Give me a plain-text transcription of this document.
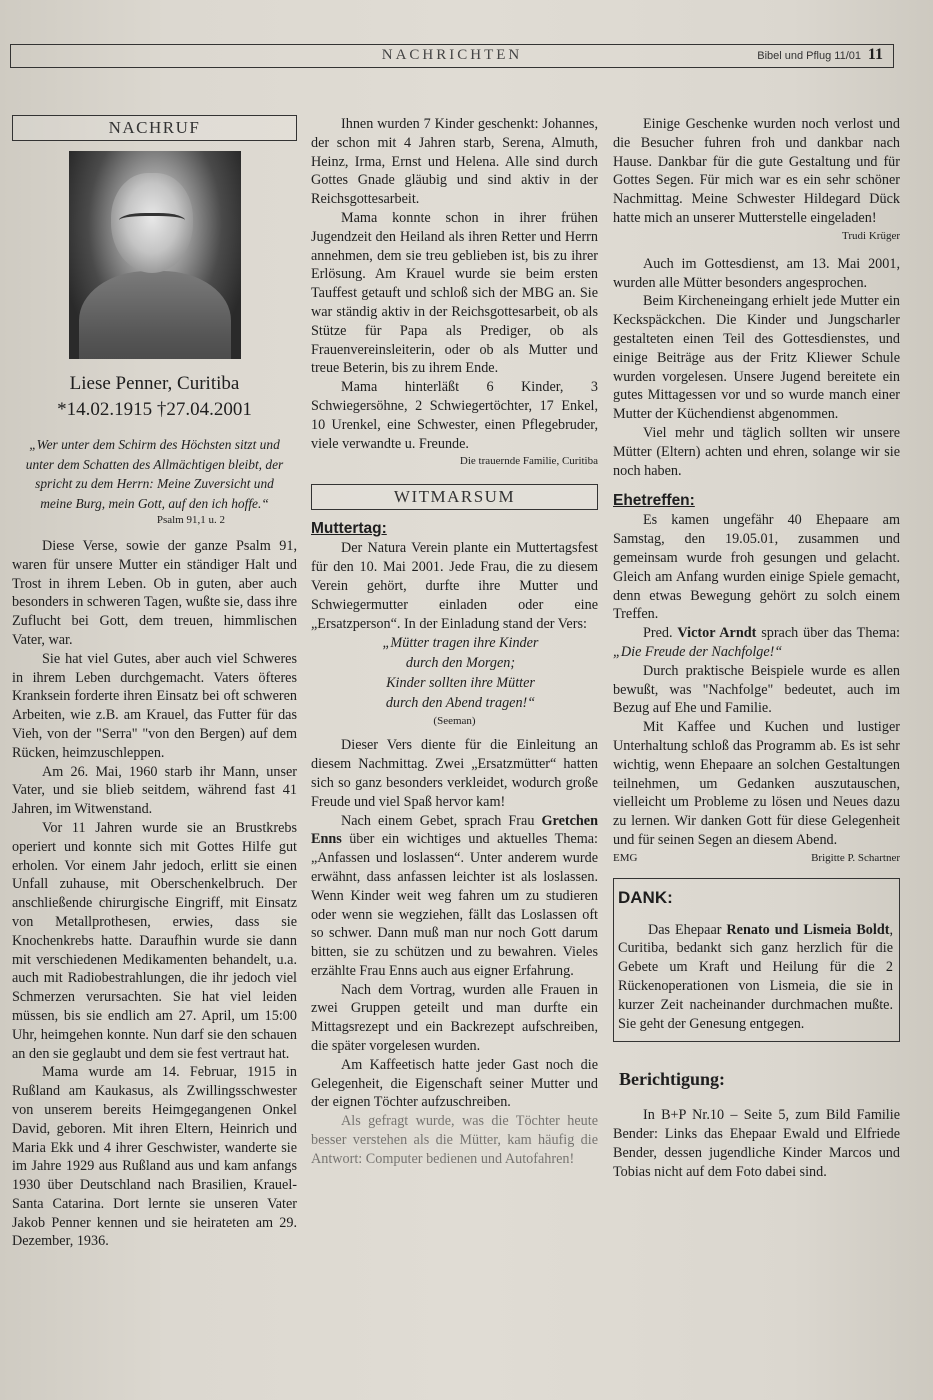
NACHRICHTEN	Bibel und Pflug 11/01 11
NACHRUF
Liese Penner, Curitiba
*14.02.1915 †27.04.2001
„Wer unter dem Schirm des Höchsten sitzt und unter dem Schatten des Allmächtigen bleibt, der spricht zu dem Herrn: Meine Zuversicht und meine Burg, mein Gott, auf den ich hoffe.“
Psalm 91,1 u. 2

Diese Verse, sowie der ganze Psalm 91, waren für unsere Mutter ein ständiger Halt und Trost in ihrem Leben. Ob in guten, aber auch besonders in schweren Tagen, wußte sie, dass ihre Zuflucht bei Gott, dem treuen, himmlischen Vater, war.

Sie hat viel Gutes, aber auch viel Schweres in ihrem Leben durchgemacht. Vaters öfteres Kranksein forderte ihren Einsatz bei oft schweren Arbeiten, wie z.B. am Krauel, das Futter für das Vieh, von der "Serra" "von den Bergen) auf dem Rücken, heimzuschleppen.

Am 26. Mai, 1960 starb ihr Mann, unser Vater, und sie blieb seitdem, während fast 41 Jahren, im Witwenstand.

Vor 11 Jahren wurde sie an Brustkrebs operiert und konnte sich mit Gottes Hilfe gut erholen. Vor einem Jahr jedoch, erlitt sie einen Unfall zuhause, mit Oberschenkelbruch. Der anschließende chirurgische Eingriff, mit Einsatz von Metallprothesen, erwies, dass sie Knochenkrebs hatte. Daraufhin wurde sie dann mit verschiedenen Medikamenten behandelt, u.a. auch mit Radiobestrahlungen, die ihr jedoch viel Schmerzen verursachten. Sie hat viel leiden müssen, bis sie endlich am 27. April, um 15:00 Uhr, heimgehen konnte. Nun darf sie den schauen an den sie geglaubt und dem sie fest vertraut hat.

Mama wurde am 14. Februar, 1915 in Rußland am Kaukasus, als Zwillingsschwester von unserem bereits Heimgegangenen Onkel David, geboren. Mit ihren Eltern, Heinrich und Maria Ekk und 4 ihrer Geschwister, wanderte sie im Jahre 1929 aus Rußland aus und kam anfangs 1930 über Deutschland nach Brasilien, Krauel-Santa Catarina. Dort lernte sie unseren Vater Jakob Penner kennen und sie heirateten am 29. Dezember, 1936.

Ihnen wurden 7 Kinder geschenkt: Johannes, der schon mit 4 Jahren starb, Serena, Almuth, Heinz, Irma, Ernst und Helena. Alle sind durch Gottes Gnade gläubig und sind aktiv in der Reichsgottesarbeit.

Mama konnte schon in ihrer frühen Jugendzeit den Heiland als ihren Retter und Herrn annehmen, dem sie treu geblieben ist, bis zu ihrer Erlösung. Am Krauel wurde sie beim ersten Tauffest getauft und schloß sich der MBG an. Sie war ständig aktiv in der Reichsgottesarbeit, ob als Stütze für Papa als Prediger, ob als Frauenvereinsleiterin, oder ob als Mutter und treue Beterin, bis zu ihrem Ende.

Mama hinterläßt 6 Kinder, 3 Schwiegersöhne, 2 Schwiegertöchter, 17 Enkel, 10 Urenkel, eine Schwester, einen Pflegebruder, viele verwandte u. Freunde.

Die trauernde Familie, Curitiba
WITMARSUM
Muttertag:

Der Natura Verein plante ein Muttertagsfest für den 10. Mai 2001. Jede Frau, die zu diesem Verein gehört, durfte ihre Mutter und Schwiegermutter einladen oder eine „Ersatzperson“. In der Einladung stand der Vers:

„Mütter tragen ihre Kinder
durch den Morgen;
Kinder sollten ihre Mütter
durch den Abend tragen!“
(Seeman)

Dieser Vers diente für die Einleitung an diesem Nachmittag. Zwei „Ersatzmütter“ hatten sich so ganz besonders verkleidet, wodurch große Freude und viel Spaß hervor kam!

Nach einem Gebet, sprach Frau Gretchen Enns über ein wichtiges und aktuelles Thema: „Anfassen und loslassen“. Unter anderem wurde erwähnt, dass anfassen leichter ist als loslassen. Wenn Kinder weit weg fahren um zu studieren oder wenn sie wegziehen, fällt das Loslassen oft so schwer. Dann muß man nur noch Gott darum bitten, sie zu schützen und zu bewahren. Vieles erzählte Frau Enns auch aus eigner Erfahrung.

Nach dem Vortrag, wurden alle Frauen in zwei Gruppen geteilt und man durfte ein Mittagsrezept und ein Backrezept aufschreiben, die später vorgelesen wurden.

Am Kaffeetisch hatte jeder Gast noch die Gelegenheit, die Eigenschaft seiner Mutter und der eignen Töchter aufzuschreiben.

Als gefragt wurde, was die Töchter heute besser verstehen als die Mütter, kam häufig die Antwort: Computer bedienen und Autofahren!

Einige Geschenke wurden noch verlost und die Besucher fuhren froh und dankbar nach Hause. Dankbar für die gute Gestaltung und für Gottes Segen. Für mich war es ein sehr schöner Nachmittag. Meine Schwester Hildegard Dück hatte mich an unserer Mutterstelle eingeladen!

Trudi Krüger

Auch im Gottesdienst, am 13. Mai 2001, wurden alle Mütter besonders angesprochen.

Beim Kircheneingang erhielt jede Mutter ein Keckspäckchen. Die Kinder und Jungscharler gestalteten einen Teil des Gottesdienstes, und einige Beiträge aus der Fritz Kliewer Schule wurden vorgelesen. Unsere Jugend bereitete ein gutes Mittagessen vor und so wurde manch einer Mutter der Küchendienst abgenommen.

Viel mehr und täglich sollten wir unsere Mütter (Eltern) achten und ehren, solange wir sie noch haben.

Ehetreffen:

Es kamen ungefähr 40 Ehepaare am Samstag, den 19.05.01, zusammen und gemeinsam wurde froh gesungen und gelacht. Gleich am Anfang wurden einige Spiele gemacht, denn etwas Bewegung gehört zu solch einem Treffen.

Pred. Victor Arndt sprach über das Thema: „Die Freude der Nachfolge!“

Durch praktische Beispiele wurde es allen bewußt, was "Nachfolge" bedeutet, auch im Bezug auf Ehe und Familie.

Mit Kaffee und Kuchen und lustiger Unterhaltung schloß das Programm ab. Es ist sehr wichtig, wenn Ehepaare an solchen Gestaltungen teilnehmen, um Gedanken auszutauschen, vielleicht um Probleme zu lösen und Neues dazu zu lernen. Wir danken Gott für diese Gelegenheit und für seinen Segen an diesem Abend.

EMG	Brigitte P. Schartner
DANK:

Das Ehepaar Renato und Lismeia Boldt, Curitiba, bedankt sich ganz herzlich für die Gebete um Kraft und Heilung für die 2 Rückenoperationen von Lismeia, die sie in kurzer Zeit nacheinander durchmachen mußte. Sie geht der Genesung entgegen.

Berichtigung:

In B+P Nr.10 – Seite 5, zum Bild Familie Bender: Links das Ehepaar Ewald und Elfriede Bender, dessen jugendliche Kinder Marcos und Tobias nicht auf dem Foto dabei sind.
